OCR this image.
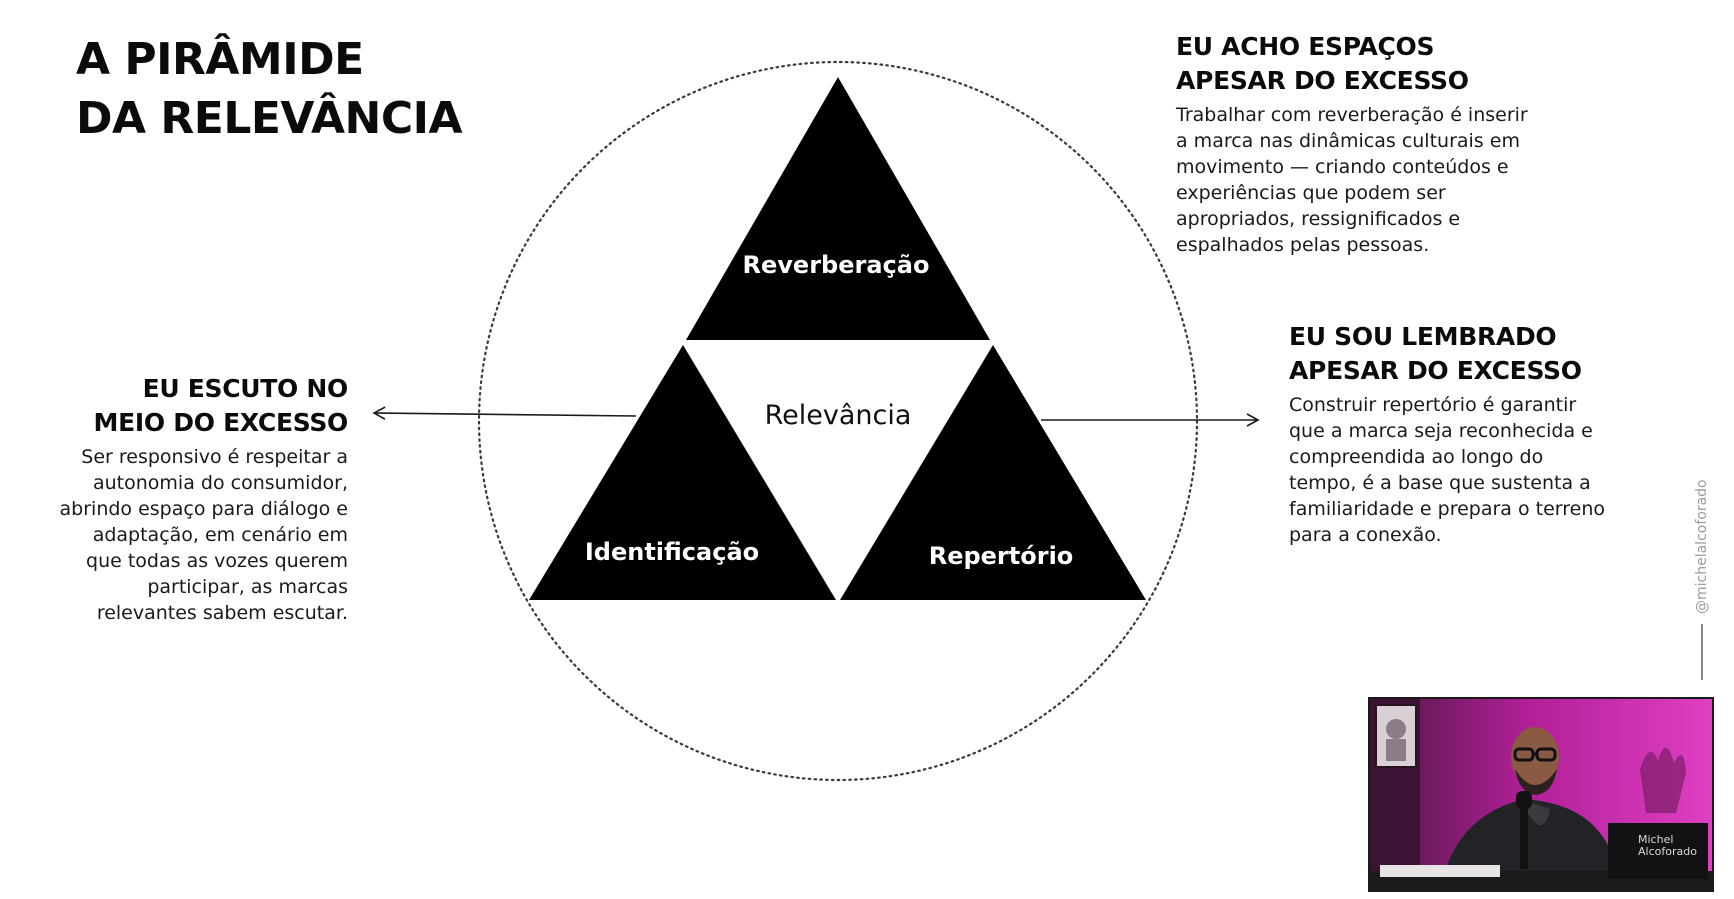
A PIRÂMIDE
DA RELEVÂNCIA
Reverberação
Relevância
Identificação	Repertório
EU ESCUTO NO
MEIO DO EXCESSO

Ser responsivo é respeitar a
autonomia do consumidor,
abrindo espaço para diálogo e
adaptação, em cenário em
que todas as vozes querem
participar, as marcas
relevantes sabem escutar.

EU ACHO ESPAÇOS
APESAR DO EXCESSO

Trabalhar com reverberação é inserir
a marca nas dinâmicas culturais em
movimento — criando conteúdos e
experiências que podem ser
apropriados, ressignificados e
espalhados pelas pessoas.

EU SOU LEMBRADO
APESAR DO EXCESSO

Construir repertório é garantir
que a marca seja reconhecida e
compreendida ao longo do
tempo, é a base que sustenta a
familiaridade e prepara o terreno
para a conexão.	@michelalcoforado
Michel
Alcoforado
